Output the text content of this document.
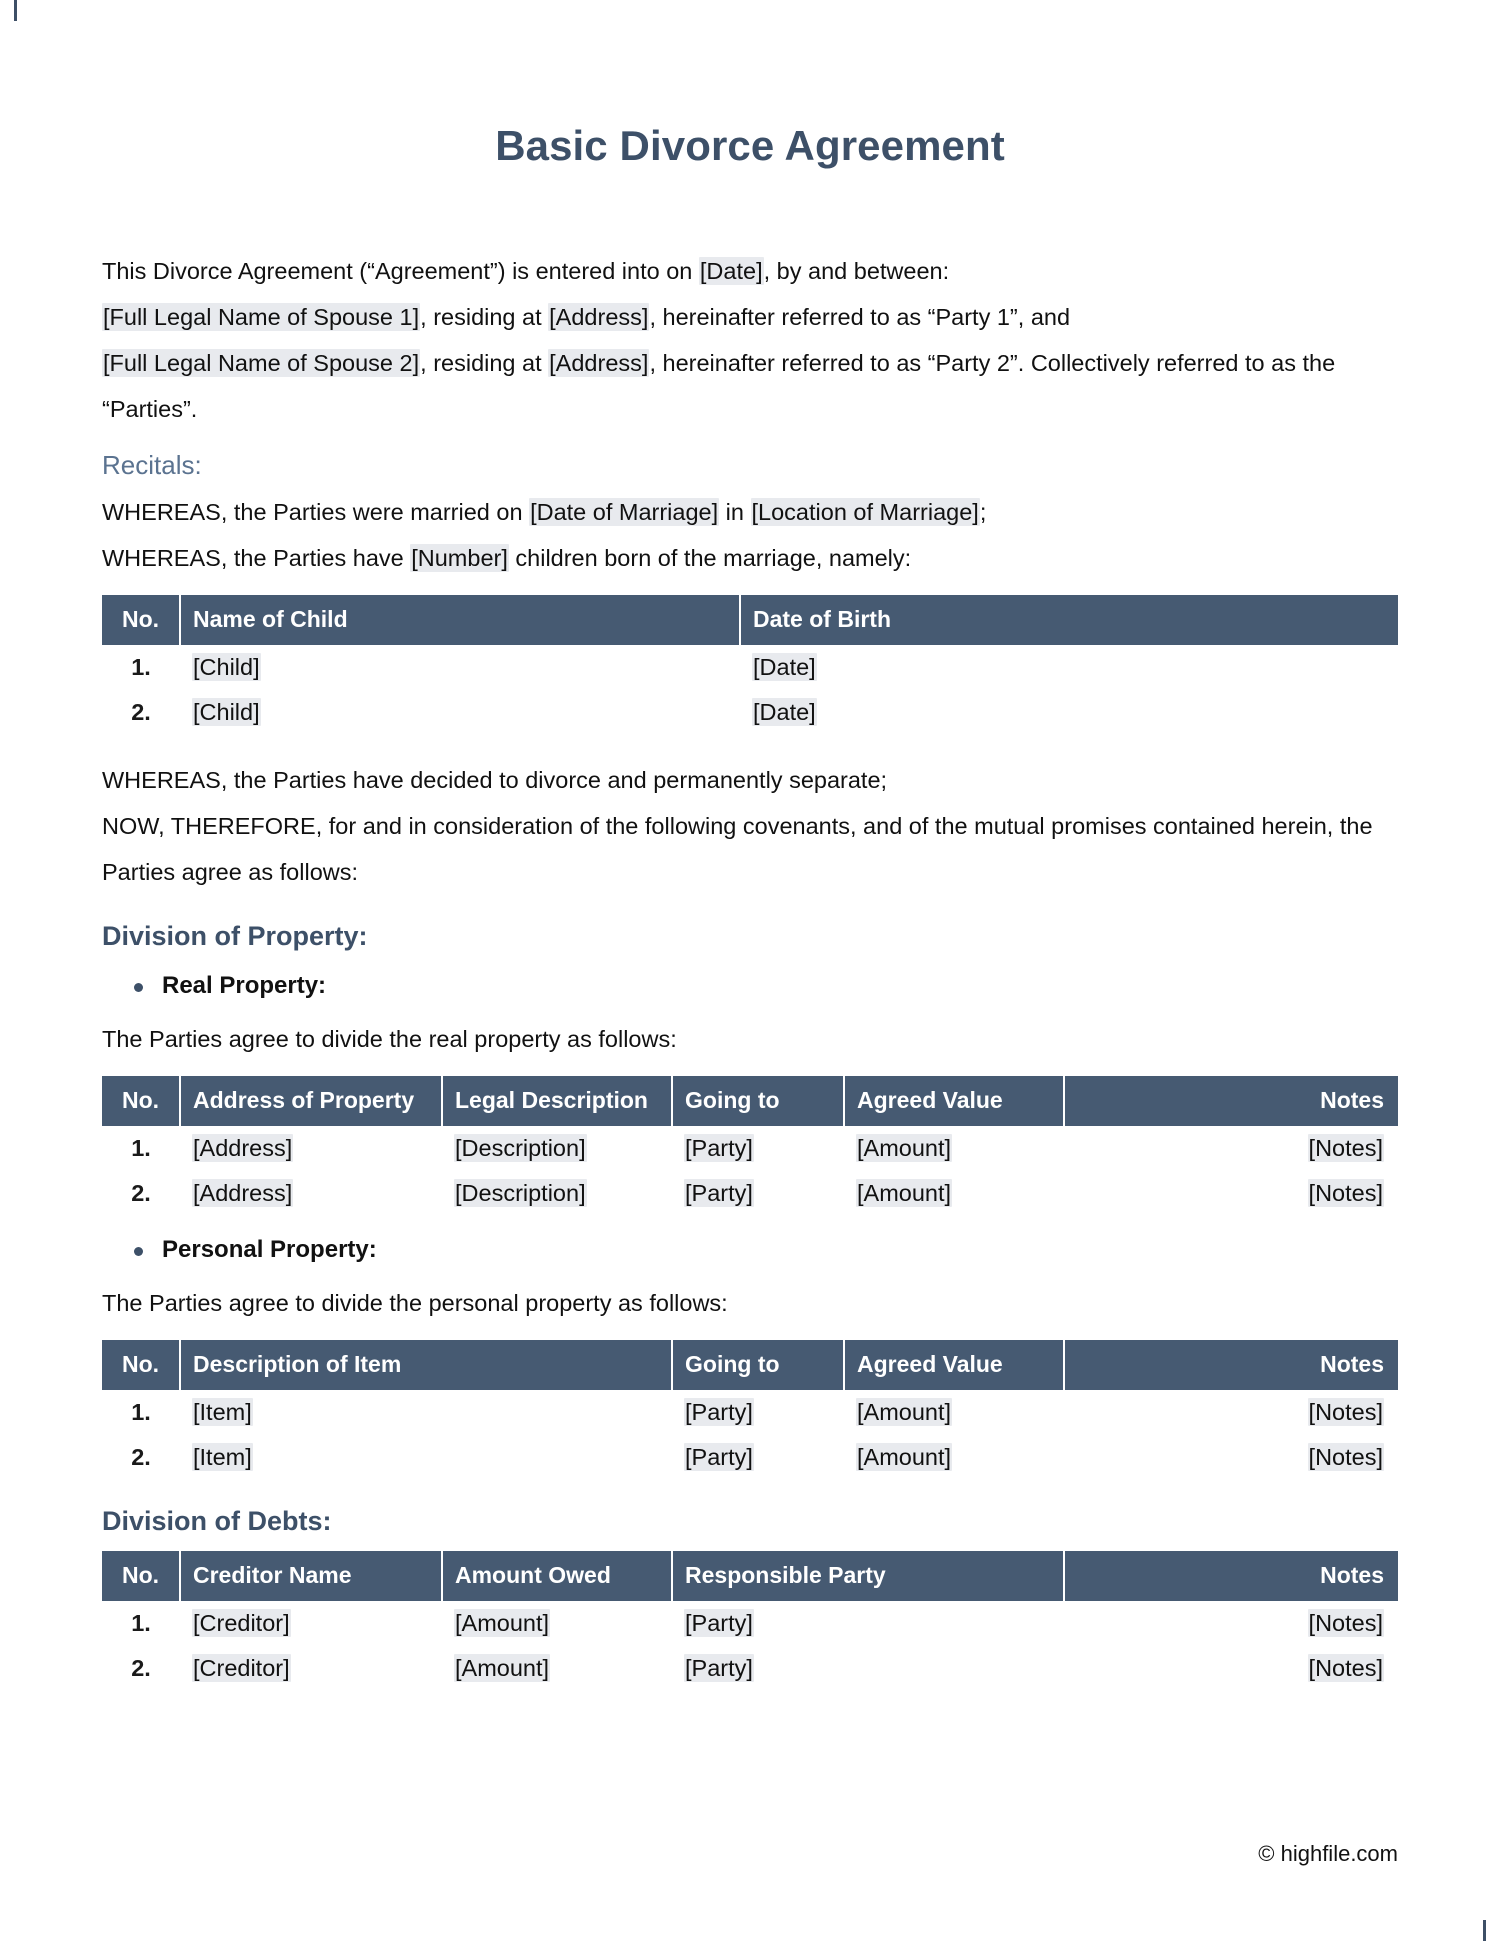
Basic Divorce Agreement

This Divorce Agreement (“Agreement”) is entered into on [Date], by and between:

[Full Legal Name of Spouse 1], residing at [Address], hereinafter referred to as “Party 1”, and

[Full Legal Name of Spouse 2], residing at [Address], hereinafter referred to as “Party 2”. Collectively referred to as the “Parties”.

Recitals:

WHEREAS, the Parties were married on [Date of Marriage] in [Location of Marriage];

WHEREAS, the Parties have [Number] children born of the marriage, namely:

No.	Name of Child	Date of Birth
1.	[Child]	[Date]
2.	[Child]	[Date]

WHEREAS, the Parties have decided to divorce and permanently separate;

NOW, THEREFORE, for and in consideration of the following covenants, and of the mutual promises contained herein, the Parties agree as follows:

Division of Property:
Real Property:

The Parties agree to divide the real property as follows:

No.	Address of Property	Legal Description	Going to	Agreed Value	Notes
1.	[Address]	[Description]	[Party]	[Amount]	[Notes]
2.	[Address]	[Description]	[Party]	[Amount]	[Notes]
Personal Property:

The Parties agree to divide the personal property as follows:

No.	Description of Item	Going to	Agreed Value	Notes
1.	[Item]	[Party]	[Amount]	[Notes]
2.	[Item]	[Party]	[Amount]	[Notes]
Division of Debts:
No.	Creditor Name	Amount Owed	Responsible Party	Notes
1.	[Creditor]	[Amount]	[Party]	[Notes]
2.	[Creditor]	[Amount]	[Party]	[Notes]
© highfile.com
